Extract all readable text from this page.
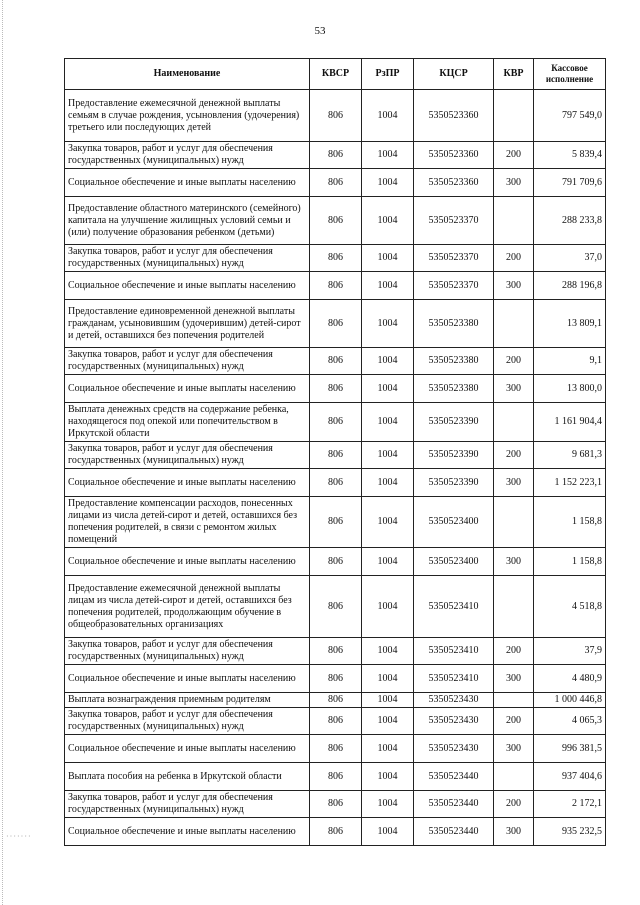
·······
53
Наименование	КВСР	РзПР	КЦСР	КВР	Кассовое исполнение
Предоставление ежемесячной денежной выплаты семьям в случае рождения, усыновления (удочерения) третьего или последующих детей	806	1004	5350523360		797 549,0
Закупка товаров, работ и услуг для обеспечения государственных (муниципальных) нужд	806	1004	5350523360	200	5 839,4
Социальное обеспечение и иные выплаты населению	806	1004	5350523360	300	791 709,6
Предоставление областного материнского (семейного) капитала на улучшение жилищных условий семьи и (или) получение образования ребенком (детьми)	806	1004	5350523370		288 233,8
Закупка товаров, работ и услуг для обеспечения государственных (муниципальных) нужд	806	1004	5350523370	200	37,0
Социальное обеспечение и иные выплаты населению	806	1004	5350523370	300	288 196,8
Предоставление единовременной денежной выплаты гражданам, усыновившим (удочерившим) детей-сирот и детей, оставшихся без попечения родителей	806	1004	5350523380		13 809,1
Закупка товаров, работ и услуг для обеспечения государственных (муниципальных) нужд	806	1004	5350523380	200	9,1
Социальное обеспечение и иные выплаты населению	806	1004	5350523380	300	13 800,0
Выплата денежных средств на содержание ребенка, находящегося под опекой или попечительством в Иркутской области	806	1004	5350523390		1 161 904,4
Закупка товаров, работ и услуг для обеспечения государственных (муниципальных) нужд	806	1004	5350523390	200	9 681,3
Социальное обеспечение и иные выплаты населению	806	1004	5350523390	300	1 152 223,1
Предоставление компенсации расходов, понесенных лицами из числа детей-сирот и детей, оставшихся без попечения родителей, в связи с ремонтом жилых помещений	806	1004	5350523400		1 158,8
Социальное обеспечение и иные выплаты населению	806	1004	5350523400	300	1 158,8
Предоставление ежемесячной денежной выплаты лицам из числа детей-сирот и детей, оставшихся без попечения родителей, продолжающим обучение в общеобразовательных организациях	806	1004	5350523410		4 518,8
Закупка товаров, работ и услуг для обеспечения государственных (муниципальных) нужд	806	1004	5350523410	200	37,9
Социальное обеспечение и иные выплаты населению	806	1004	5350523410	300	4 480,9
Выплата вознаграждения приемным родителям	806	1004	5350523430		1 000 446,8
Закупка товаров, работ и услуг для обеспечения государственных (муниципальных) нужд	806	1004	5350523430	200	4 065,3
Социальное обеспечение и иные выплаты населению	806	1004	5350523430	300	996 381,5
Выплата пособия на ребенка в Иркутской области	806	1004	5350523440		937 404,6
Закупка товаров, работ и услуг для обеспечения государственных (муниципальных) нужд	806	1004	5350523440	200	2 172,1
Социальное обеспечение и иные выплаты населению	806	1004	5350523440	300	935 232,5
